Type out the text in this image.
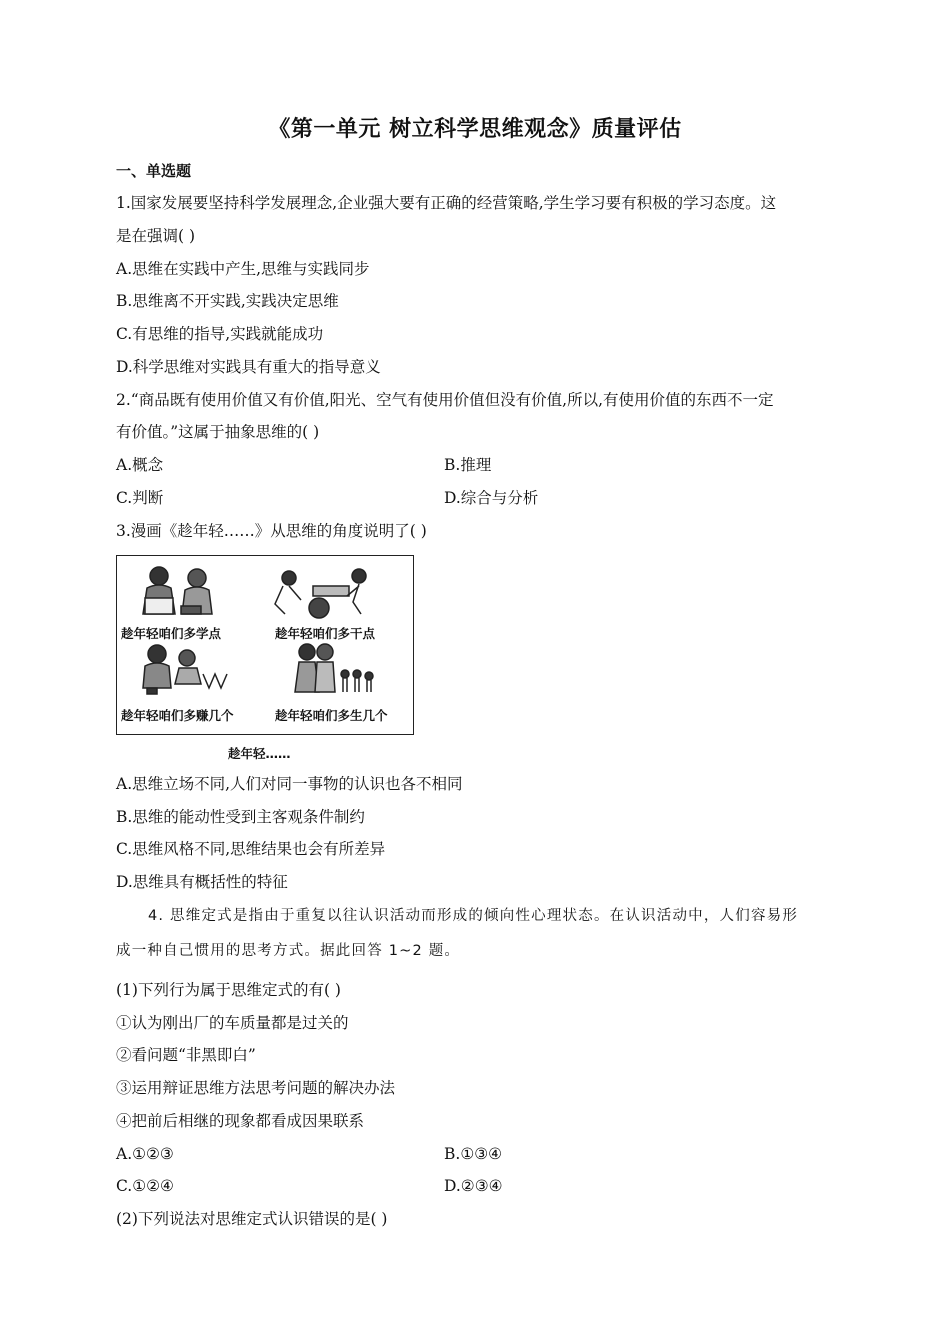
《第一单元 树立科学思维观念》质量评估
一、单选题
1.国家发展要坚持科学发展理念,企业强大要有正确的经营策略,学生学习要有积极的学习态度。这
是在强调( )
A.思维在实践中产生,思维与实践同步
B.思维离不开实践,实践决定思维
C.有思维的指导,实践就能成功
D.科学思维对实践具有重大的指导意义
2.“商品既有使用价值又有价值,阳光、空气有使用价值但没有价值,所以,有使用价值的东西不一定
有价值。”这属于抽象思维的( )
A.概念	B.推理
C.判断	D.综合与分析
3.漫画《趁年轻……》从思维的角度说明了( )
趁年轻咱们多学点	趁年轻咱们多干点
趁年轻咱们多赚几个	趁年轻咱们多生几个
趁年轻……
A.思维立场不同,人们对同一事物的认识也各不相同
B.思维的能动性受到主客观条件制约
C.思维风格不同,思维结果也会有所差异
D.思维具有概括性的特征
4. 思维定式是指由于重复以往认识活动而形成的倾向性心理状态。在认识活动中，人们容易形
成一种自己惯用的思考方式。据此回答 1~2 题。
(1)下列行为属于思维定式的有( )
①认为刚出厂的车质量都是过关的
②看问题“非黑即白”
③运用辩证思维方法思考问题的解决办法
④把前后相继的现象都看成因果联系
A.①②③	B.①③④
C.①②④	D.②③④
(2)下列说法对思维定式认识错误的是( )
